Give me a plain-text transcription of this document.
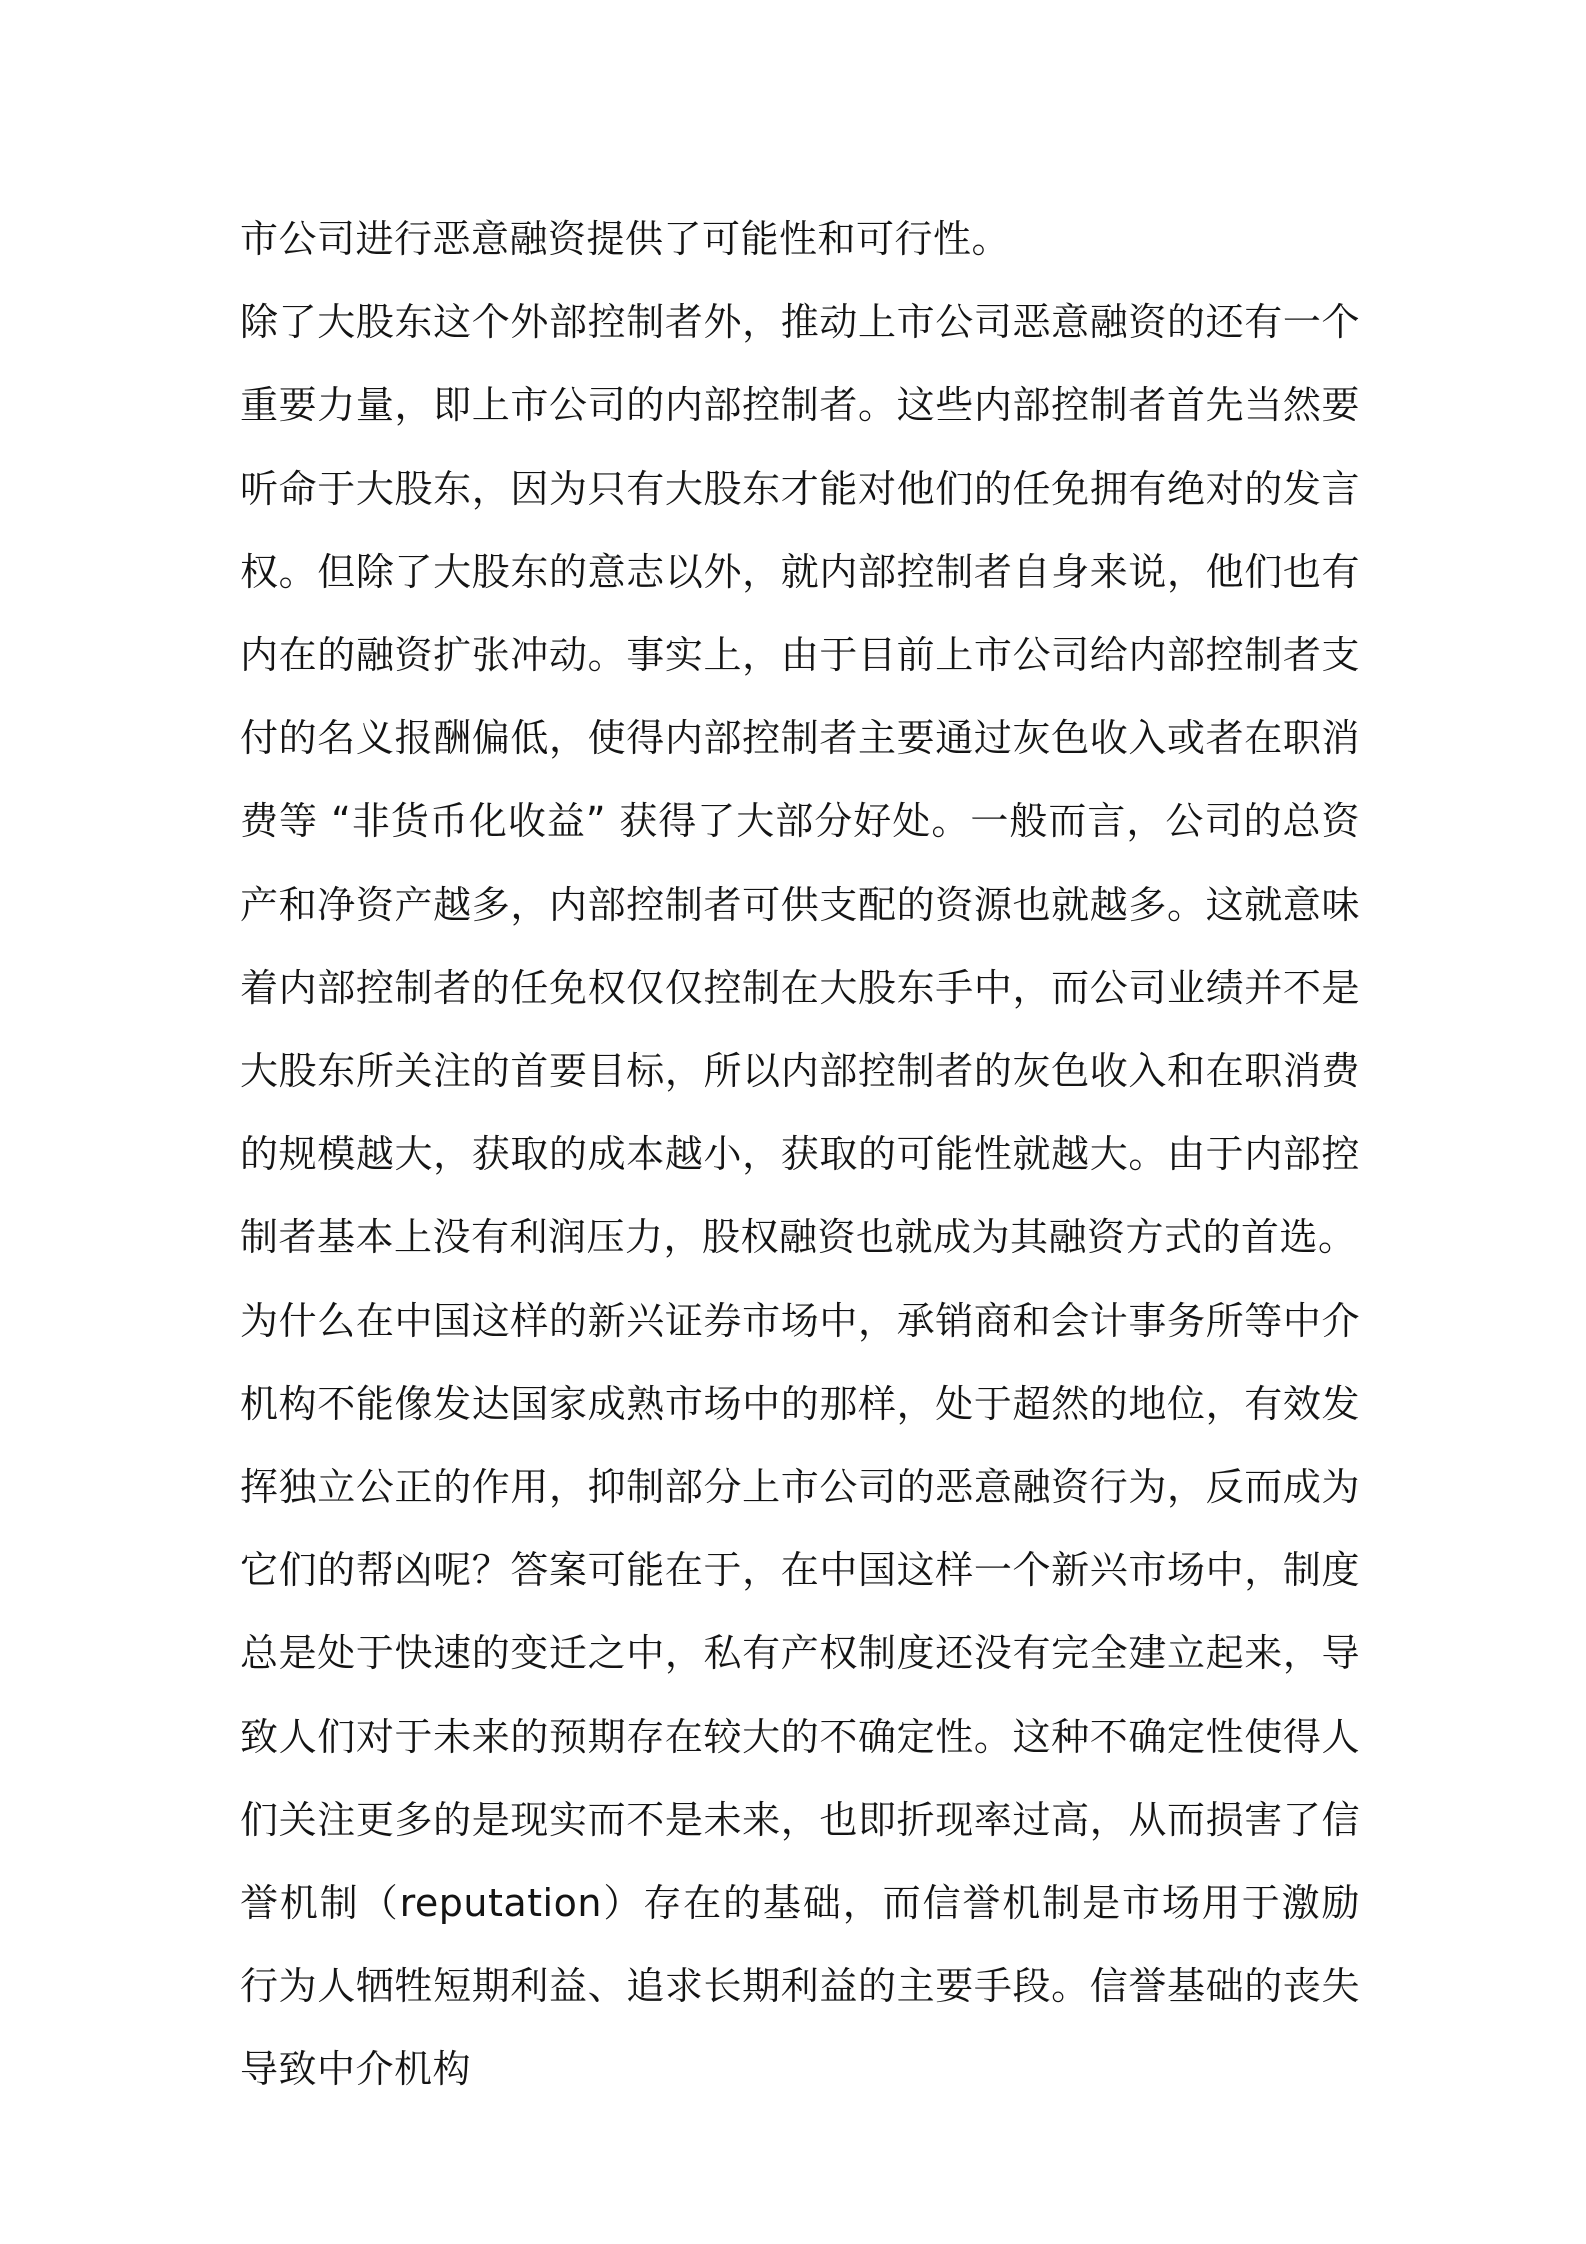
市公司进行恶意融资提供了可能性和可行性。

除了大股东这个外部控制者外，推动上市公司恶意融资的还有一个重要力量，即上市公司的内部控制者。这些内部控制者首先当然要听命于大股东，因为只有大股东才能对他们的任免拥有绝对的发言权。但除了大股东的意志以外，就内部控制者自身来说，他们也有内在的融资扩张冲动。事实上，由于目前上市公司给内部控制者支付的名义报酬偏低，使得内部控制者主要通过灰色收入或者在职消费等 “非货币化收益” 获得了大部分好处。一般而言，公司的总资产和净资产越多，内部控制者可供支配的资源也就越多。这就意味着内部控制者的任免权仅仅控制在大股东手中，而公司业绩并不是大股东所关注的首要目标，所以内部控制者的灰色收入和在职消费的规模越大，获取的成本越小，获取的可能性就越大。由于内部控制者基本上没有利润压力，股权融资也就成为其融资方式的首选。

为什么在中国这样的新兴证券市场中，承销商和会计事务所等中介机构不能像发达国家成熟市场中的那样，处于超然的地位，有效发挥独立公正的作用，抑制部分上市公司的恶意融资行为，反而成为它们的帮凶呢？答案可能在于，在中国这样一个新兴市场中，制度总是处于快速的变迁之中，私有产权制度还没有完全建立起来，导致人们对于未来的预期存在较大的不确定性。这种不确定性使得人们关注更多的是现实而不是未来，也即折现率过高，从而损害了信誉机制（reputation）存在的基础，而信誉机制是市场用于激励行为人牺牲短期利益、追求长期利益的主要手段。信誉基础的丧失导致中介机构
